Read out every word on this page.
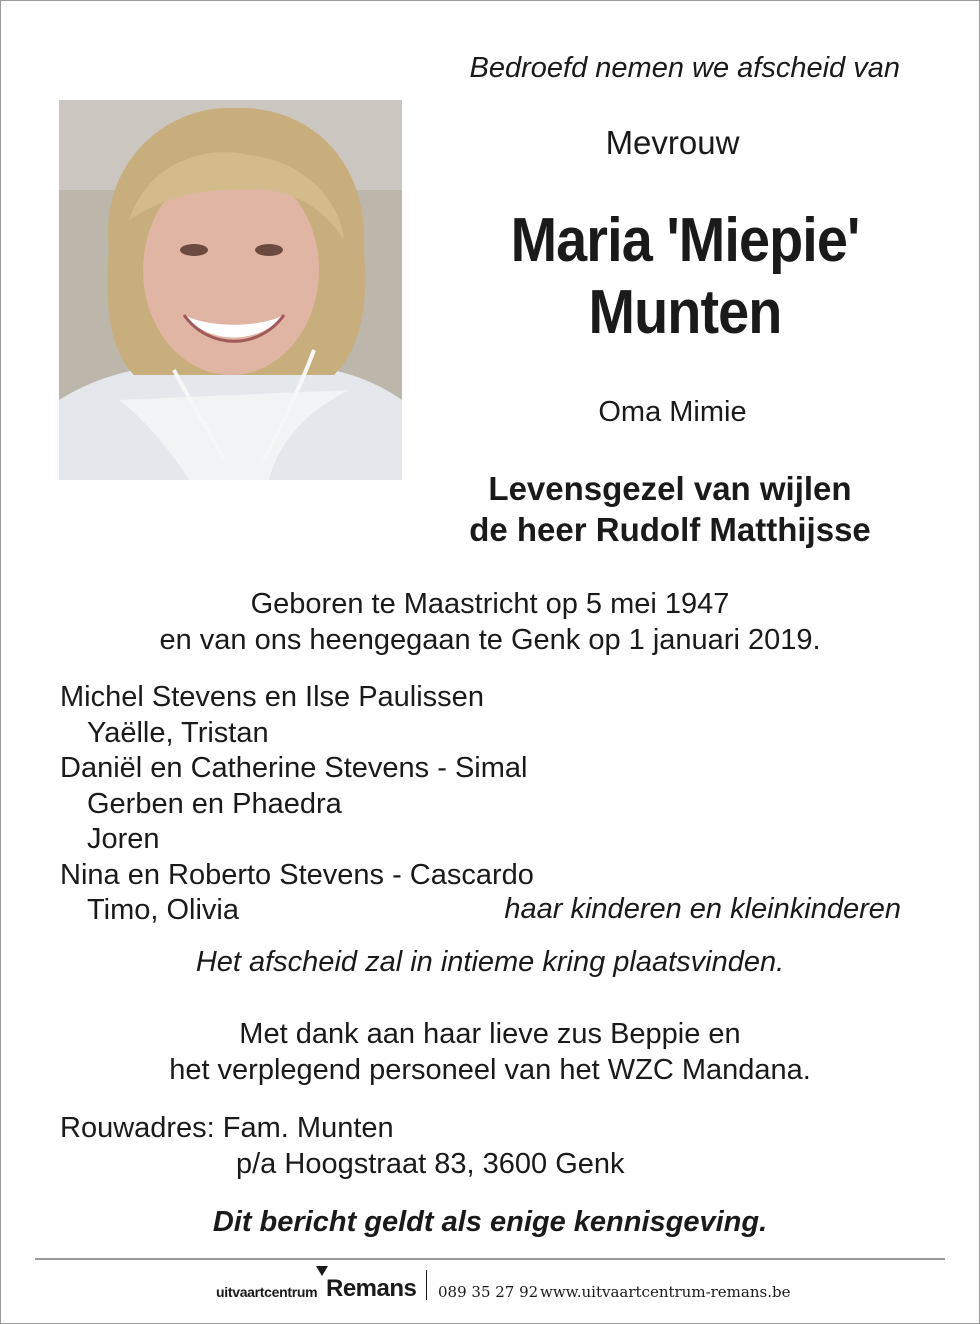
Bedroefd nemen we afscheid van
Mevrouw
Maria 'Miepie'
Munten
Oma Mimie
Levensgezel van wijlen
de heer Rudolf Matthijsse
Geboren te Maastricht op 5 mei 1947
en van ons heengegaan te Genk op 1 januari 2019.
Michel Stevens en Ilse Paulissen
Yaëlle, Tristan
Daniël en Catherine Stevens - Simal
Gerben en Phaedra
Joren
Nina en Roberto Stevens - Cascardo
Timo, Olivia	haar kinderen en kleinkinderen
Het afscheid zal in intieme kring plaatsvinden.
Met dank aan haar lieve zus Beppie en
het verplegend personeel van het WZC Mandana.
Rouwadres: Fam. Munten
p/a Hoogstraat 83, 3600 Genk
Dit bericht geldt als enige kennisgeving.
uitvaartcentrum Remans 089 35 27 92 www.uitvaartcentrum-remans.be
